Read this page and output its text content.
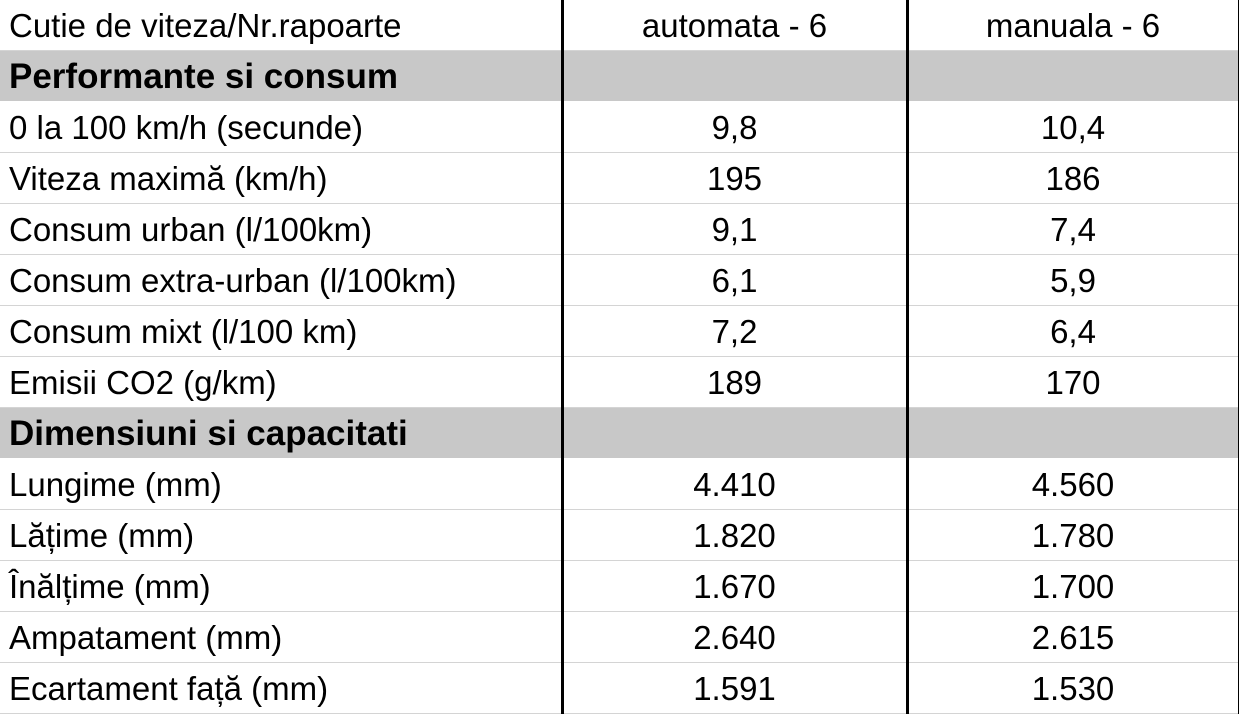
Cutie de viteza/Nr.rapoarte	automata - 6	manuala - 6
Performante si consum		
0 la 100 km/h (secunde)	9,8	10,4
Viteza maximă (km/h)	195	186
Consum urban (l/100km)	9,1	7,4
Consum extra-urban (l/100km)	6,1	5,9
Consum mixt (l/100 km)	7,2	6,4
Emisii CO2 (g/km)	189	170
Dimensiuni si capacitati		
Lungime (mm)	4.410	4.560
Lățime (mm)	1.820	1.780
Înălțime (mm)	1.670	1.700
Ampatament (mm)	2.640	2.615
Ecartament față (mm)	1.591	1.530
